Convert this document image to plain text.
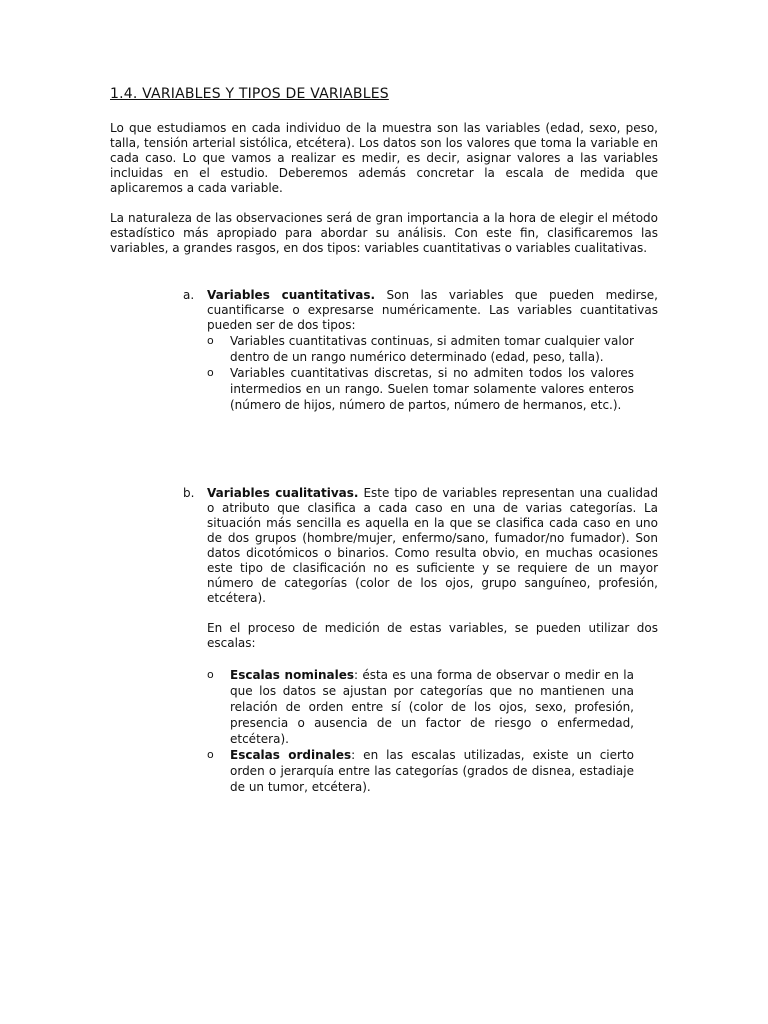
1.4. VARIABLES Y TIPOS DE VARIABLES

Lo que estudiamos en cada individuo de la muestra son las variables (edad, sexo, peso, talla, tensión arterial sistólica, etcétera). Los datos son los valores que toma la variable en cada caso. Lo que vamos a realizar es medir, es decir, asignar valores a las variables incluidas en el estudio. Deberemos además concretar la escala de medida que aplicaremos a cada variable.

La naturaleza de las observaciones será de gran importancia a la hora de elegir el método estadístico más apropiado para abordar su análisis. Con este fin, clasificaremos las variables, a grandes rasgos, en dos tipos: variables cuantitativas o variables cualitativas.

a.	Variables cuantitativas. Son las variables que pueden medirse, cuantificarse o expresarse numéricamente. Las variables cuantitativas pueden ser de dos tipos:

o	Variables cuantitativas continuas, si admiten tomar cualquier valor dentro de un rango numérico determinado (edad, peso, talla).
o	Variables cuantitativas discretas, si no admiten todos los valores intermedios en un rango. Suelen tomar solamente valores enteros (número de hijos, número de partos, número de hermanos, etc.).
b.	Variables cualitativas. Este tipo de variables representan una cualidad o atributo que clasifica a cada caso en una de varias categorías. La situación más sencilla es aquella en la que se clasifica cada caso en uno de dos grupos (hombre/mujer, enfermo/sano, fumador/no fumador). Son datos dicotómicos o binarios. Como resulta obvio, en muchas ocasiones este tipo de clasificación no es suficiente y se requiere de un mayor número de categorías (color de los ojos, grupo sanguíneo, profesión, etcétera).

En el proceso de medición de estas variables, se pueden utilizar dos escalas:

o	Escalas nominales: ésta es una forma de observar o medir en la que los datos se ajustan por categorías que no mantienen una relación de orden entre sí (color de los ojos, sexo, profesión, presencia o ausencia de un factor de riesgo o enfermedad, etcétera).
o	Escalas ordinales: en las escalas utilizadas, existe un cierto orden o jerarquía entre las categorías (grados de disnea, estadiaje de un tumor, etcétera).
